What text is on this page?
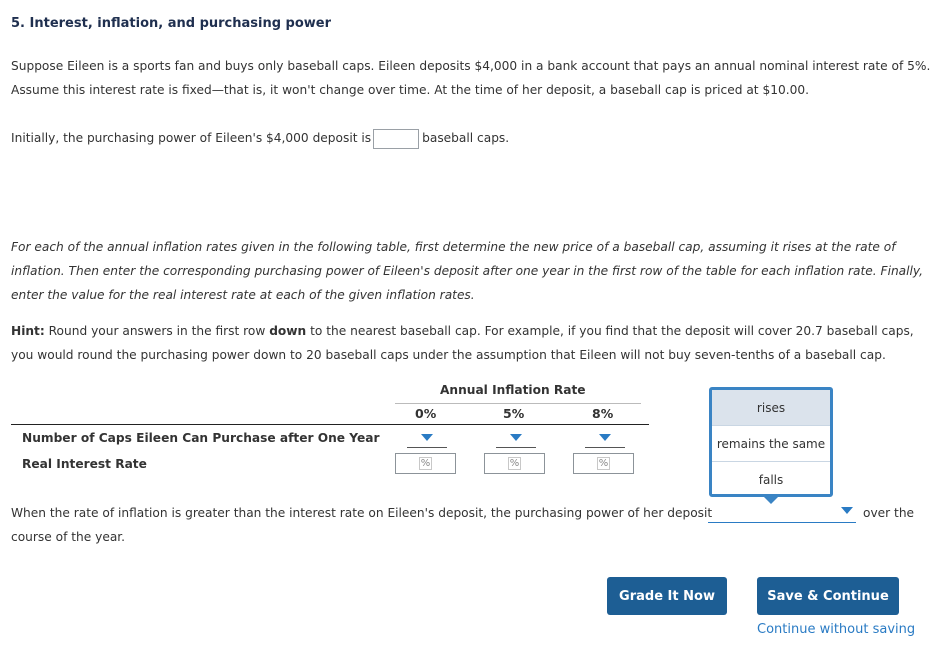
5. Interest, inflation, and purchasing power
Suppose Eileen is a sports fan and buys only baseball caps. Eileen deposits $4,000 in a bank account that pays an annual nominal interest rate of 5%.
Assume this interest rate is fixed—that is, it won't change over time. At the time of her deposit, a baseball cap is priced at $10.00.
Initially, the purchasing power of Eileen's $4,000 deposit is	baseball caps.
For each of the annual inflation rates given in the following table, first determine the new price of a baseball cap, assuming it rises at the rate of
inflation. Then enter the corresponding purchasing power of Eileen's deposit after one year in the first row of the table for each inflation rate. Finally,
enter the value for the real interest rate at each of the given inflation rates.
Hint: Round your answers in the first row down to the nearest baseball cap. For example, if you find that the deposit will cover 20.7 baseball caps,
you would round the purchasing power down to 20 baseball caps under the assumption that Eileen will not buy seven-tenths of a baseball cap.
Annual Inflation Rate
0%	5%	8%
Number of Caps Eileen Can Purchase after One Year
Real Interest Rate	%	%	%
rises
remains the same
falls
When the rate of inflation is greater than the interest rate on Eileen's deposit, the purchasing power of her deposit	over the
course of the year.
Grade It Now	Save & Continue
Continue without saving
